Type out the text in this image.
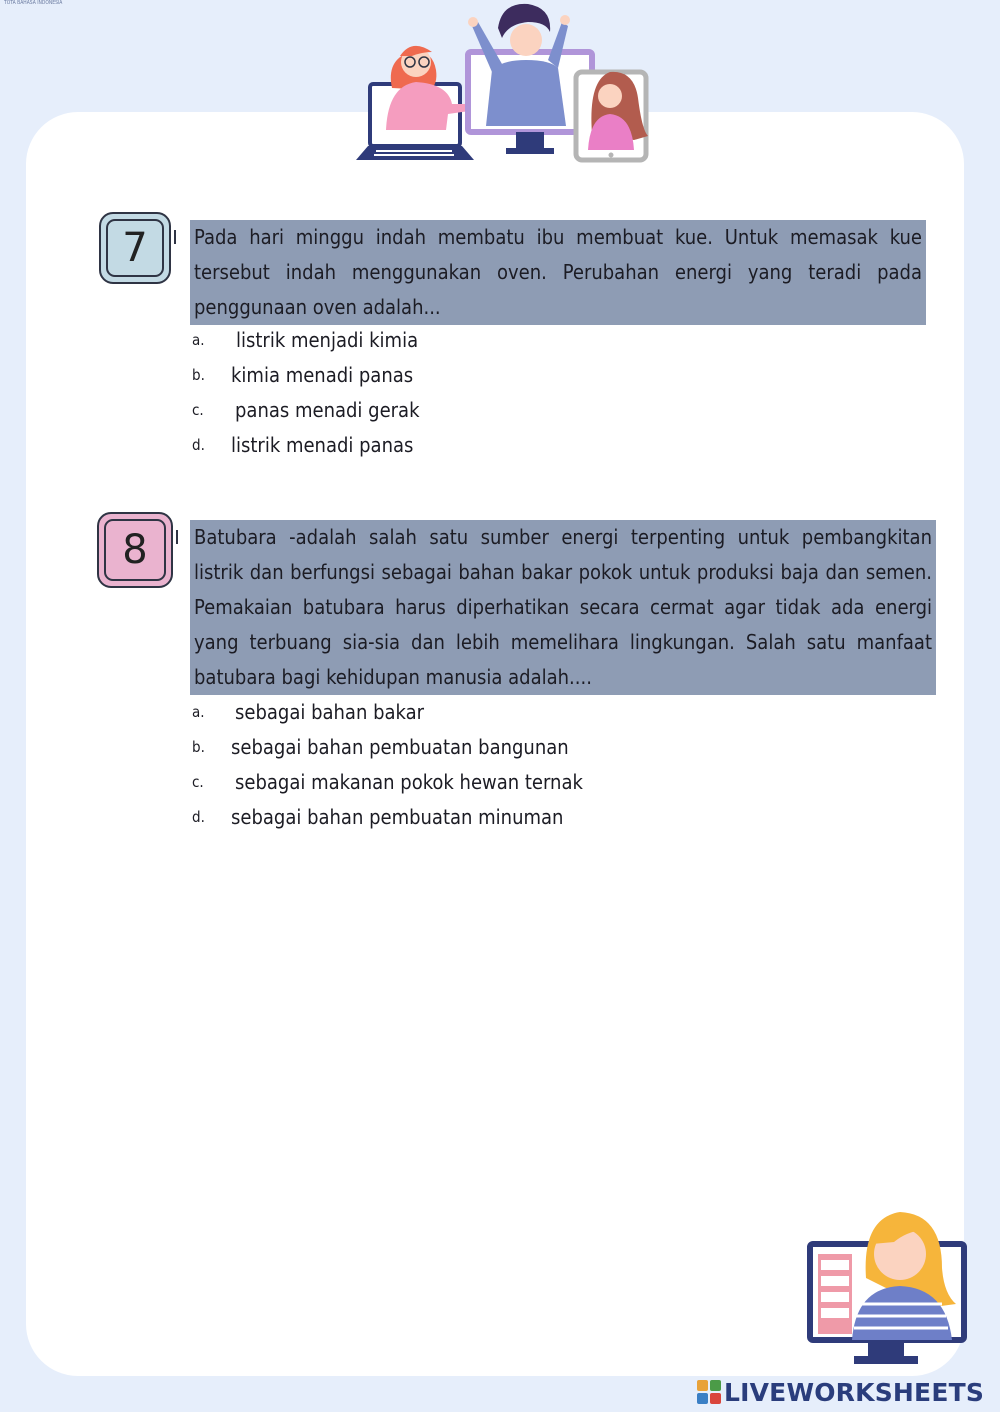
TOTA BAHASA INDONESIA
7	Pada hari minggu indah membatu ibu membuat kue. Untuk memasak kue tersebut indah menggunakan oven. Perubahan energi yang teradi pada penggunaan oven adalah...
a. listrik menjadi kimia
b. kimia menadi panas
c. panas menadi gerak
d. listrik menadi panas
8	Batubara -adalah salah satu sumber energi terpenting untuk pembangkitan listrik dan berfungsi sebagai bahan bakar pokok untuk produksi baja dan semen. Pemakaian batubara harus diperhatikan secara cermat agar tidak ada energi yang terbuang sia-sia dan lebih memelihara lingkungan. Salah satu manfaat batubara bagi kehidupan manusia adalah....
a. sebagai bahan bakar
b. sebagai bahan pembuatan bangunan
c. sebagai makanan pokok hewan ternak
d. sebagai bahan pembuatan minuman
LIVEWORKSHEETS
